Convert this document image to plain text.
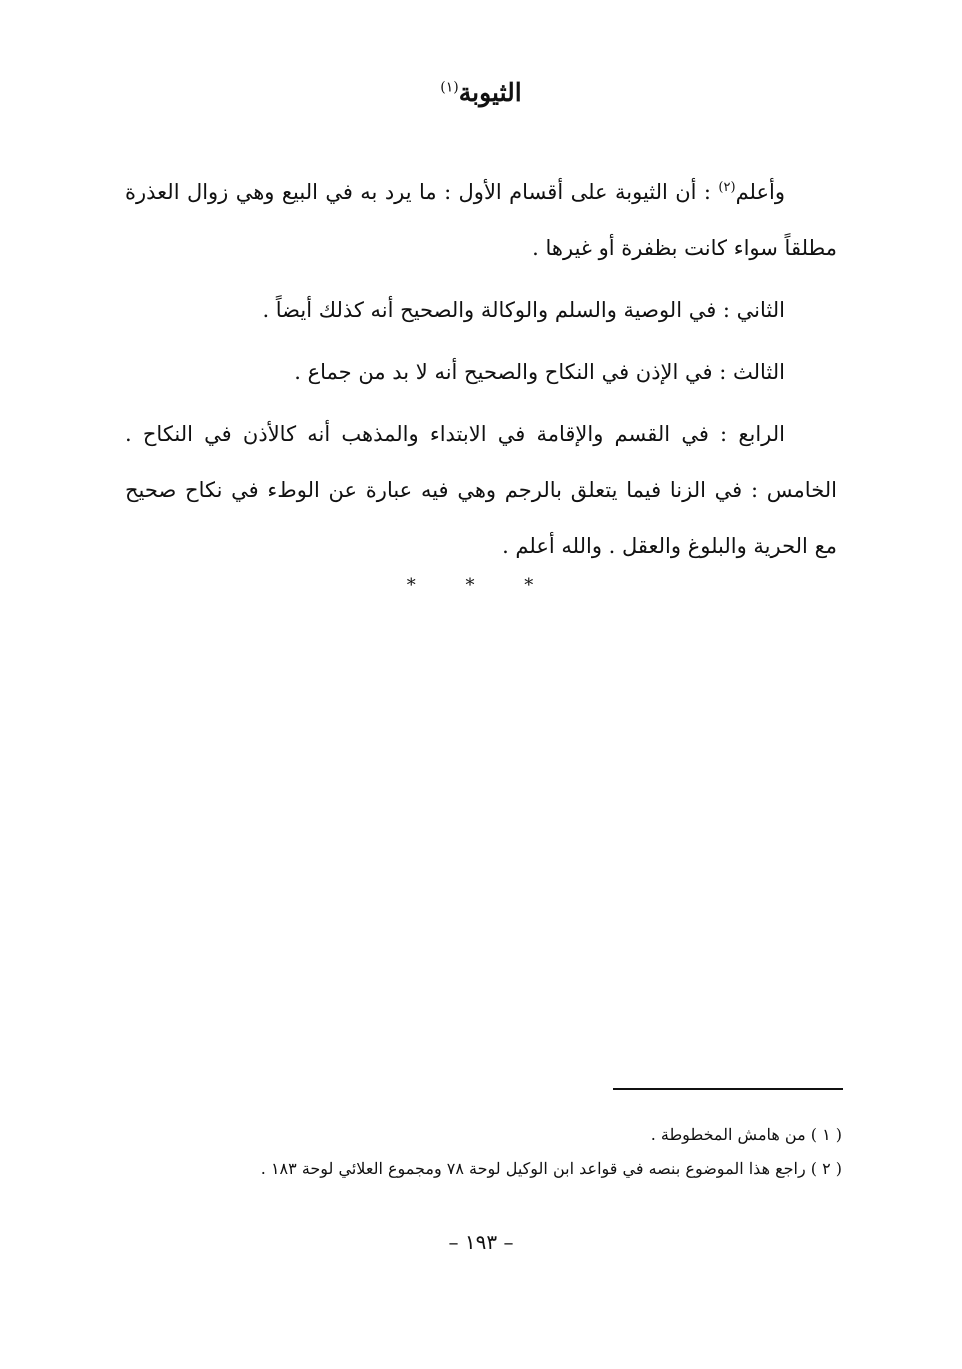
الثيوبة$^{(١)}$

وأعلم$^{(٢)}$ : أن الثيوبة على أقسام الأول : ما يرد به في البيع وهي زوال العذرة مطلقاً سواء كانت بظفرة أو غيرها .

الثاني : في الوصية والسلم والوكالة والصحيح أنه كذلك أيضاً .

الثالث : في الإذن في النكاح والصحيح أنه لا بد من جماع .

الرابع : في القسم والإقامة في الابتداء والمذهب أنه كالأذن في النكاح . الخامس : في الزنا فيما يتعلق بالرجم وهي فيه عبارة عن الوطء في نكاح صحيح مع الحرية والبلوغ والعقل . والله أعلم .

* * *
( ١ ) من هامش المخطوطة .
( ٢ ) راجع هذا الموضوع بنصه في قواعد ابن الوكيل لوحة ٧٨ ومجموع العلائي لوحة ١٨٣ .
– ١٩٣ –
